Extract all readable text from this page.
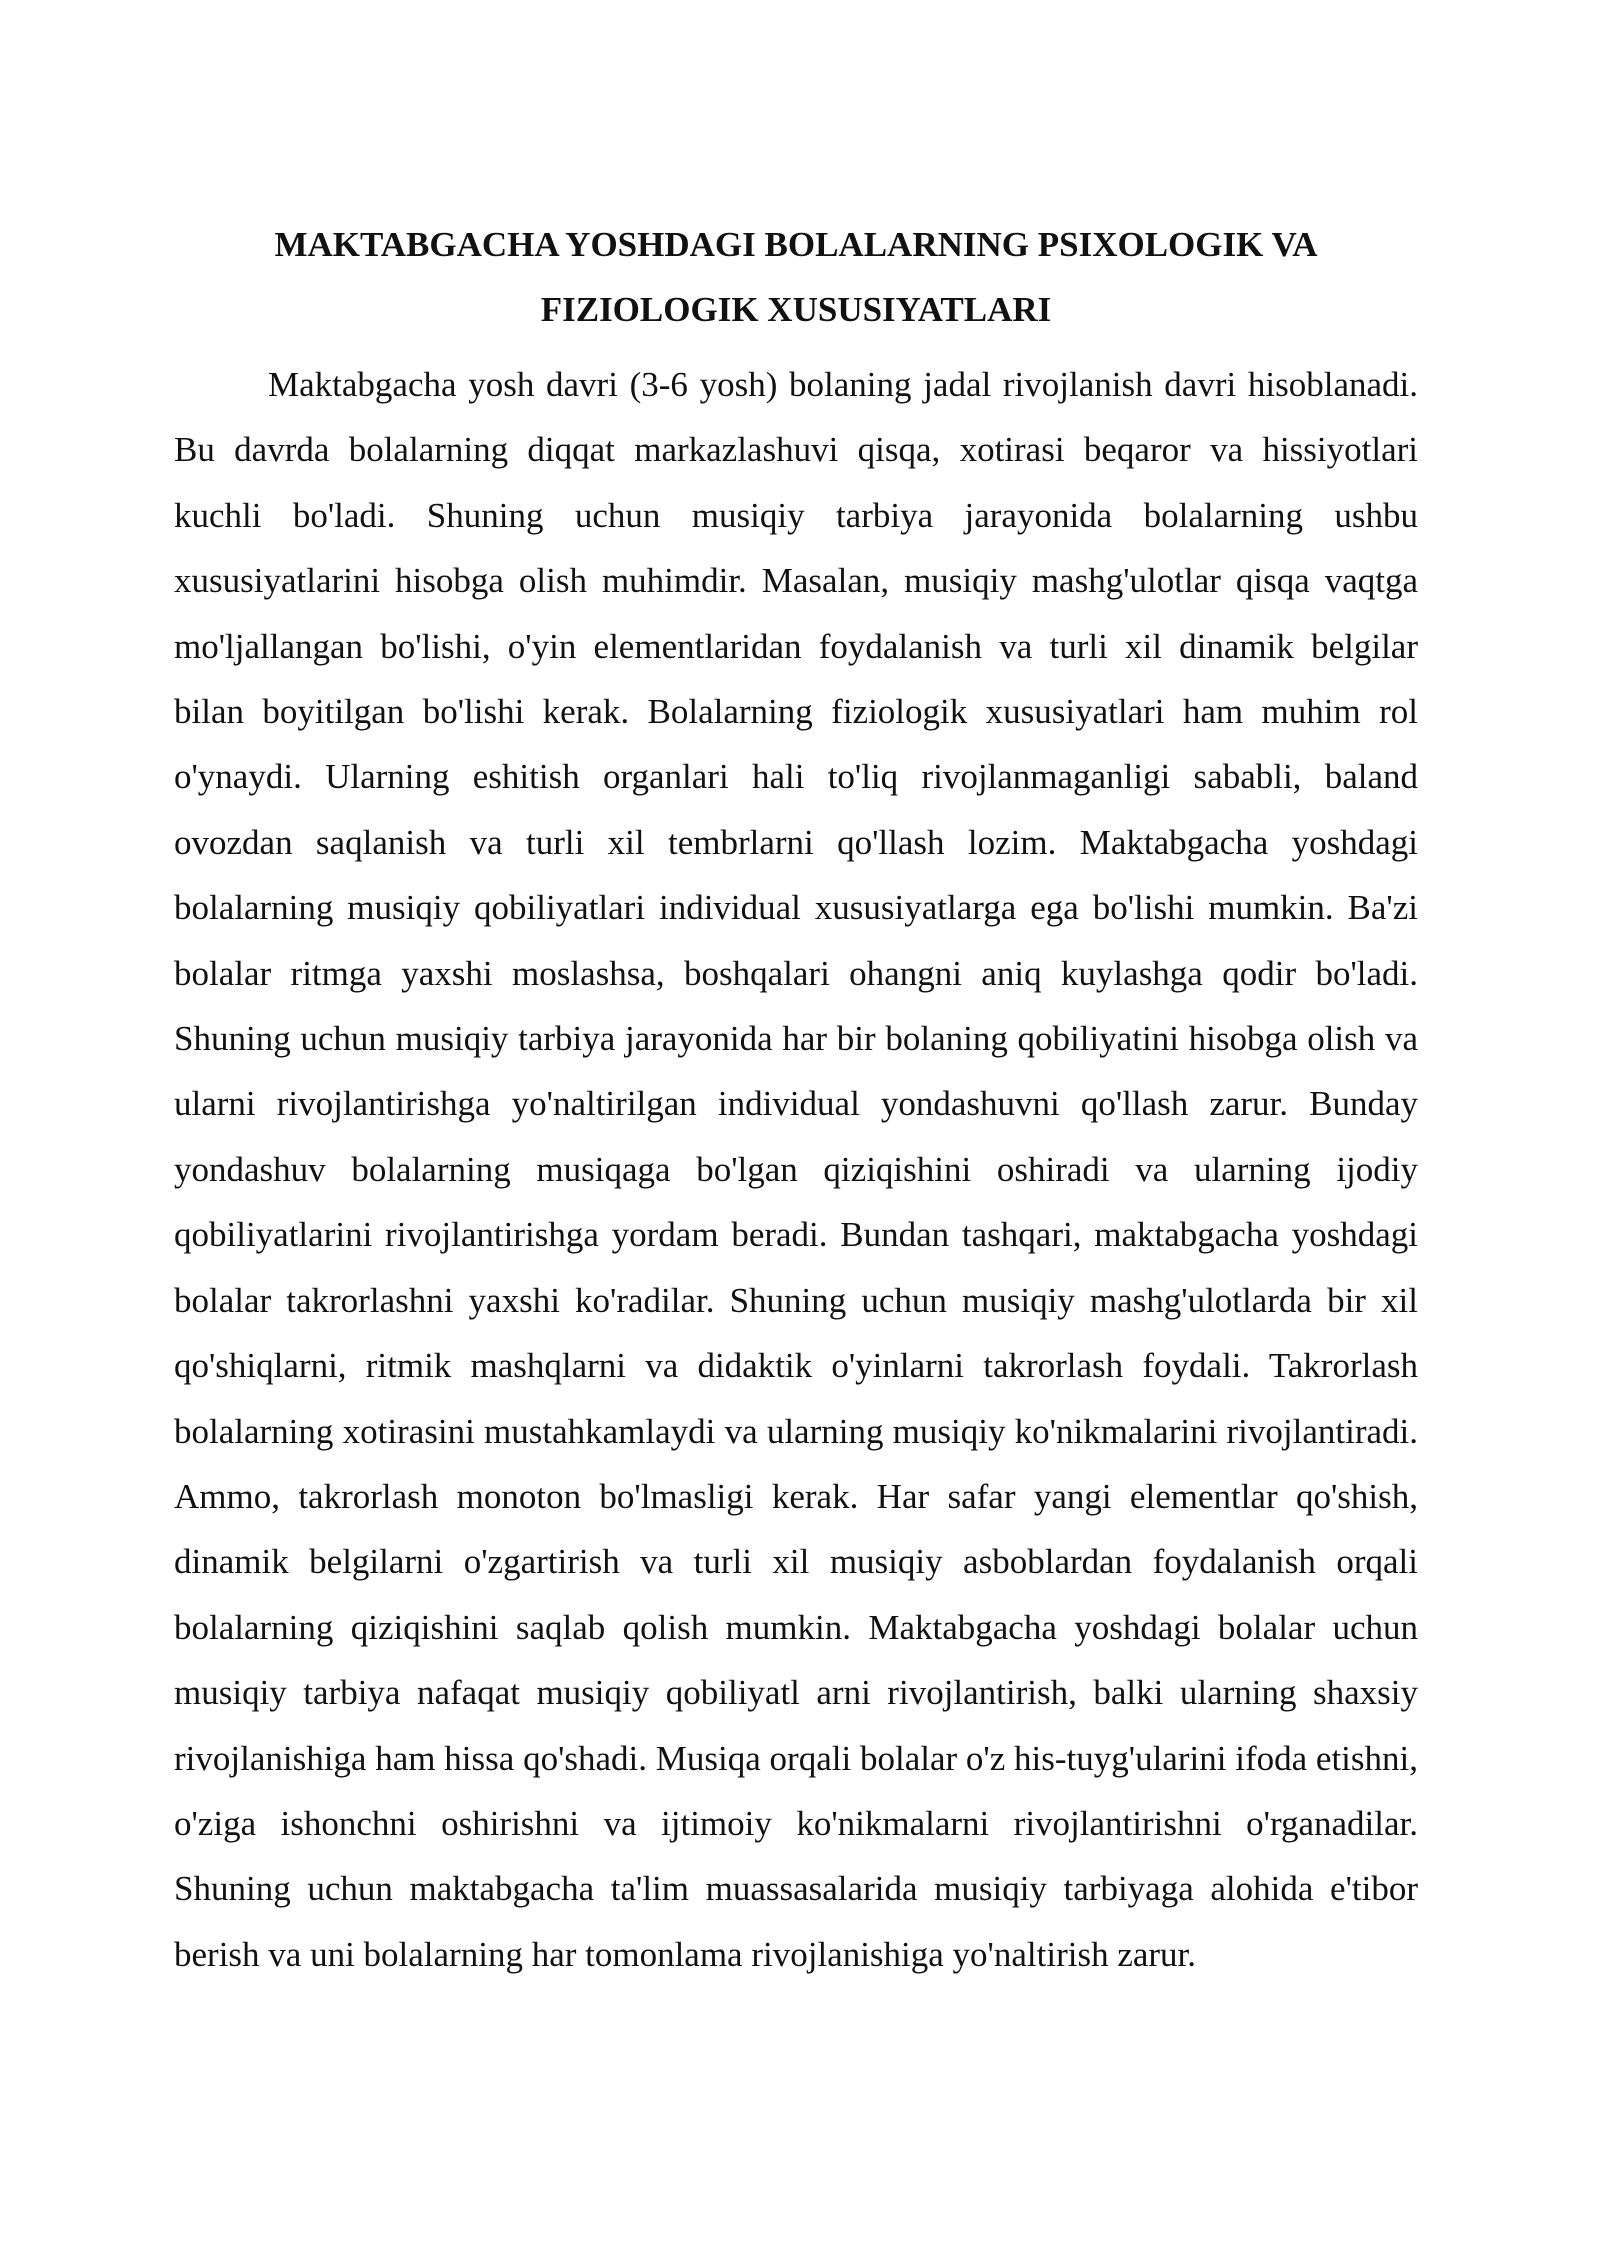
MAKTABGACHA YOSHDAGI BOLALARNING PSIXOLOGIK VA
FIZIOLOGIK XUSUSIYATLARI

Maktabgacha yosh davri (3-6 yosh) bolaning jadal rivojlanish davri hisoblanadi. Bu davrda bolalarning diqqat markazlashuvi qisqa, xotirasi beqaror va hissiyotlari kuchli bo'ladi. Shuning uchun musiqiy tarbiya jarayonida bolalarning ushbu xususiyatlarini hisobga olish muhimdir. Masalan, musiqiy mashg'ulotlar qisqa vaqtga mo'ljallangan bo'lishi, o'yin elementlaridan foydalanish va turli xil dinamik belgilar bilan boyitilgan bo'lishi kerak. Bolalarning fiziologik xususiyatlari ham muhim rol o'ynaydi. Ularning eshitish organlari hali to'liq rivojlanmaganligi sababli, baland ovozdan saqlanish va turli xil tembrlarni qo'llash lozim. Maktabgacha yoshdagi bolalarning musiqiy qobiliyatlari individual xususiyatlarga ega bo'lishi mumkin. Ba'zi bolalar ritmga yaxshi moslashsa, boshqalari ohangni aniq kuylashga qodir bo'ladi. Shuning uchun musiqiy tarbiya jarayonida har bir bolaning qobiliyatini hisobga olish va ularni rivojlantirishga yo'naltirilgan individual yondashuvni qo'llash zarur. Bunday yondashuv bolalarning musiqaga bo'lgan qiziqishini oshiradi va ularning ijodiy qobiliyatlarini rivojlantirishga yordam beradi. Bundan tashqari, maktabgacha yoshdagi bolalar takrorlashni yaxshi ko'radilar. Shuning uchun musiqiy mashg'ulotlarda bir xil qo'shiqlarni, ritmik mashqlarni va didaktik o'yinlarni takrorlash foydali. Takrorlash bolalarning xotirasini mustahkamlaydi va ularning musiqiy ko'nikmalarini rivojlantiradi. Ammo, takrorlash monoton bo'lmasligi kerak. Har safar yangi elementlar qo'shish, dinamik belgilarni o'zgartirish va turli xil musiqiy asboblardan foydalanish orqali bolalarning qiziqishini saqlab qolish mumkin. Maktabgacha yoshdagi bolalar uchun musiqiy tarbiya nafaqat musiqiy qobiliyatl arni rivojlantirish, balki ularning shaxsiy rivojlanishiga ham hissa qo'shadi. Musiqa orqali bolalar o'z his-tuyg'ularini ifoda etishni, o'ziga ishonchni oshirishni va ijtimoiy ko'nikmalarni rivojlantirishni o'rganadilar. Shuning uchun maktabgacha ta'lim muassasalarida musiqiy tarbiyaga alohida e'tibor berish va uni bolalarning har tomonlama rivojlanishiga yo'naltirish zarur.
